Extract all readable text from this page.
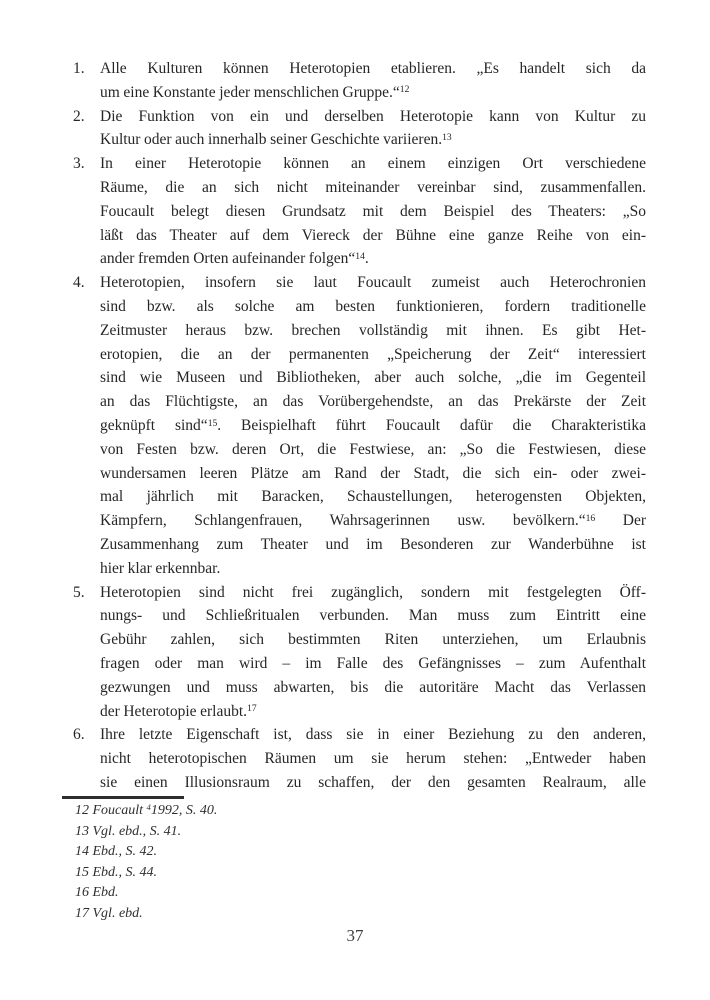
1. Alle Kulturen können Heterotopien etablieren. „Es handelt sich da
um eine Konstante jeder menschlichen Gruppe.“$^{12}$
2. Die Funktion von ein und derselben Heterotopie kann von Kultur zu
Kultur oder auch innerhalb seiner Geschichte variieren.$^{13}$
3. In einer Heterotopie können an einem einzigen Ort verschiedene
Räume, die an sich nicht miteinander vereinbar sind, zusammenfallen.
Foucault belegt diesen Grundsatz mit dem Beispiel des Theaters: „So
läßt das Theater auf dem Viereck der Bühne eine ganze Reihe von ein-
ander fremden Orten aufeinander folgen“$^{14}$.
4. Heterotopien, insofern sie laut Foucault zumeist auch Heterochronien
sind bzw. als solche am besten funktionieren, fordern traditionelle
Zeitmuster heraus bzw. brechen vollständig mit ihnen. Es gibt Het-
erotopien, die an der permanenten „Speicherung der Zeit“ interessiert
sind wie Museen und Bibliotheken, aber auch solche, „die im Gegenteil
an das Flüchtigste, an das Vorübergehendste, an das Prekärste der Zeit
geknüpft sind“$^{15}$. Beispielhaft führt Foucault dafür die Charakteristika
von Festen bzw. deren Ort, die Festwiese, an: „So die Festwiesen, diese
wundersamen leeren Plätze am Rand der Stadt, die sich ein- oder zwei-
mal jährlich mit Baracken, Schaustellungen, heterogensten Objekten,
Kämpfern, Schlangenfrauen, Wahrsagerinnen usw. bevölkern.“$^{16}$ Der
Zusammenhang zum Theater und im Besonderen zur Wanderbühne ist
hier klar erkennbar.
5. Heterotopien sind nicht frei zugänglich, sondern mit festgelegten Öff-
nungs- und Schließritualen verbunden. Man muss zum Eintritt eine
Gebühr zahlen, sich bestimmten Riten unterziehen, um Erlaubnis
fragen oder man wird – im Falle des Gefängnisses – zum Aufenthalt
gezwungen und muss abwarten, bis die autoritäre Macht das Verlassen
der Heterotopie erlaubt.$^{17}$
6. Ihre letzte Eigenschaft ist, dass sie in einer Beziehung zu den anderen,
nicht heterotopischen Räumen um sie herum stehen: „Entweder haben
sie einen Illusionsraum zu schaffen, der den gesamten Realraum, alle
12 Foucault $^4$1992, S. 40.
13 Vgl. ebd., S. 41.
14 Ebd., S. 42.
15 Ebd., S. 44.
16 Ebd.
17 Vgl. ebd.
37
